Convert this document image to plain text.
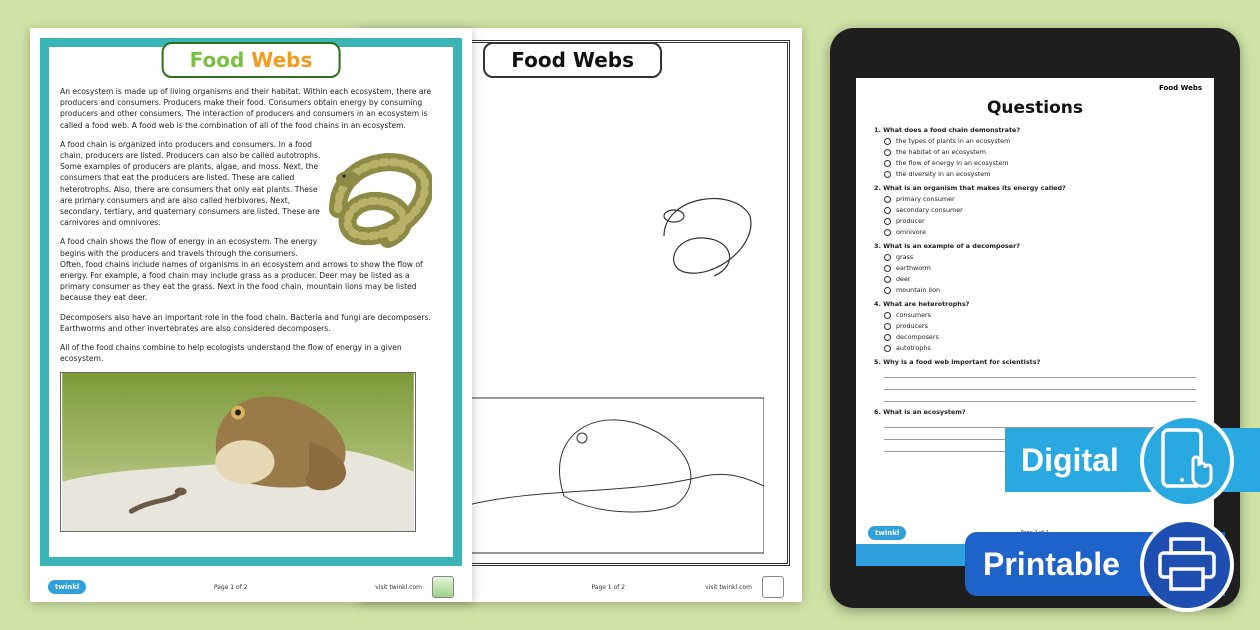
Food Webs

An ecosystem is made up of living organisms and their habitat. Within each ecosystem, there are producers and consumers. Producers make their food. Consumers obtain energy by consuming producers and other consumers. The interaction of producers and consumers in an ecosystem is called a food web. A food web is the combination of all of the food chains in an ecosystem.

A food chain is organized into producers and consumers. In a food chain, producers are listed. Producers can also be called autotrophs. Some examples of producers are plants, algae, and moss. Next, the consumers that eat the producers are listed. These are called heterotrophs. Also, there are consumers that only eat plants. These are primary consumers and are also called herbivores. Next, secondary, tertiary, and quaternary consumers are listed. These are carnivores and omnivores.

A food chain shows the flow of energy in an ecosystem. The energy begins with the producers and travels through the consumers. Often, food chains include names of organisms in an ecosystem and arrows to show the flow of energy. For example, a food chain may include grass as a producer. Deer may be listed as a primary consumer as they eat the grass. Next in the food chain, mountain lions may be listed because they eat deer.

Decomposers also have an important role in the food chain. Bacteria and fungi are decomposers. Earthworms and other invertebrates are also considered decomposers.

All of the food chains combine to help ecologists understand the flow of energy in a given ecosystem.

twinkl	Page 1 of 2	visit twinkl.com
Food Webs
Page 1 of 2	visit twinkl.com
Food Webs
Questions
1. What does a food chain demonstrate?
the types of plants in an ecosystem
the habitat of an ecosystem
the flow of energy in an ecosystem
the diversity in an ecosystem
2. What is an organism that makes its energy called?
primary consumer
secondary consumer
producer
omnivore
3. What is an example of a decomposer?
grass
earthworm
deer
mountain lion
4. What are heterotrophs?
consumers
producers
decomposers
autotrophs
5. Why is a food web important for scientists?
6. What is an ecosystem?
twinkl
Digital
Printable
